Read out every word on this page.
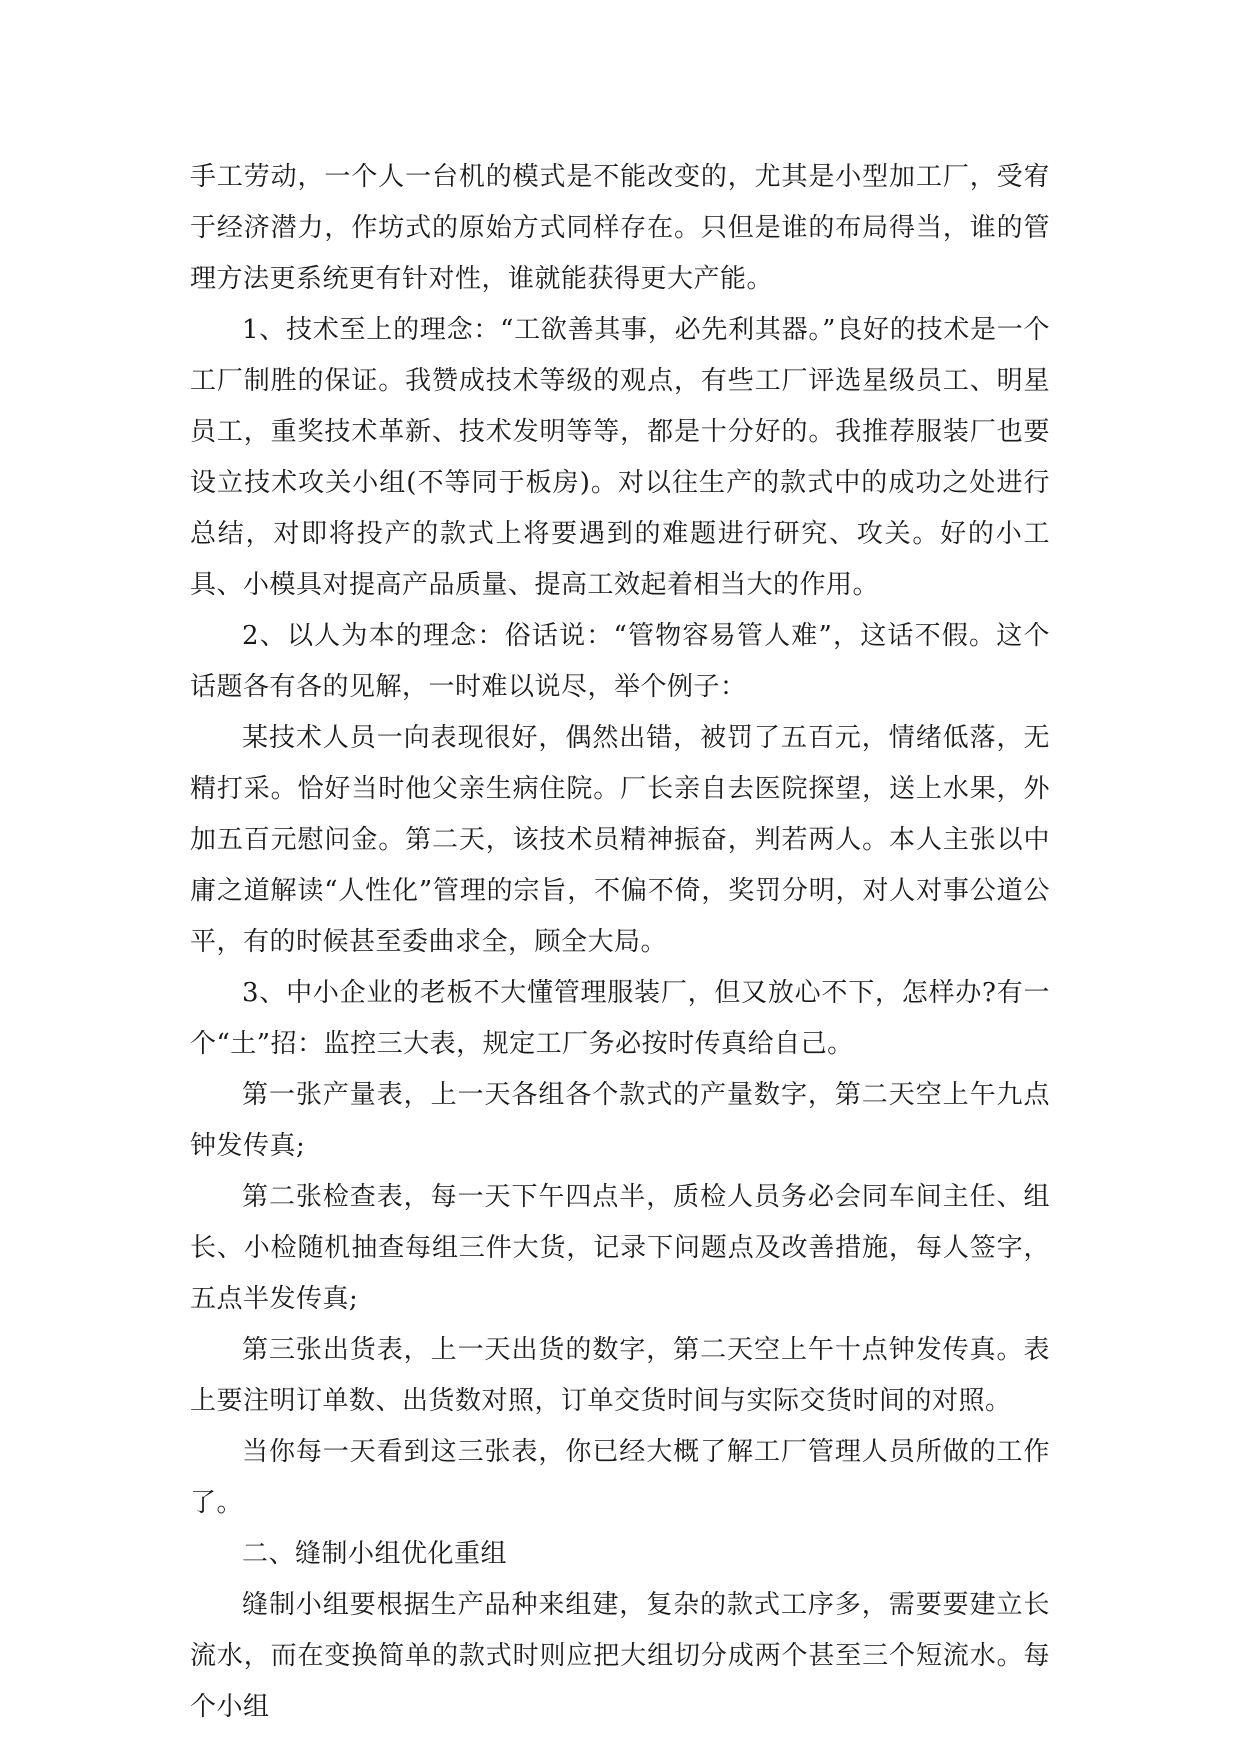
手工劳动，一个人一台机的模式是不能改变的，尤其是小型加工厂，受宥于经济潜力，作坊式的原始方式同样存在。只但是谁的布局得当，谁的管理方法更系统更有针对性，谁就能获得更大产能。

1、技术至上的理念：“工欲善其事，必先利其器。”良好的技术是一个工厂制胜的保证。我赞成技术等级的观点，有些工厂评选星级员工、明星员工，重奖技术革新、技术发明等等，都是十分好的。我推荐服装厂也要设立技术攻关小组(不等同于板房)。对以往生产的款式中的成功之处进行总结，对即将投产的款式上将要遇到的难题进行研究、攻关。好的小工具、小模具对提高产品质量、提高工效起着相当大的作用。

2、以人为本的理念：俗话说：“管物容易管人难”，这话不假。这个话题各有各的见解，一时难以说尽，举个例子：

某技术人员一向表现很好，偶然出错，被罚了五百元，情绪低落，无精打采。恰好当时他父亲生病住院。厂长亲自去医院探望，送上水果，外加五百元慰问金。第二天，该技术员精神振奋，判若两人。本人主张以中庸之道解读“人性化”管理的宗旨，不偏不倚，奖罚分明，对人对事公道公平，有的时候甚至委曲求全，顾全大局。

3、中小企业的老板不大懂管理服装厂，但又放心不下，怎样办?有一个“土”招：监控三大表，规定工厂务必按时传真给自己。

第一张产量表，上一天各组各个款式的产量数字，第二天空上午九点钟发传真;

第二张检查表，每一天下午四点半，质检人员务必会同车间主任、组长、小检随机抽查每组三件大货，记录下问题点及改善措施，每人签字，五点半发传真;

第三张出货表，上一天出货的数字，第二天空上午十点钟发传真。表上要注明订单数、出货数对照，订单交货时间与实际交货时间的对照。

当你每一天看到这三张表，你已经大概了解工厂管理人员所做的工作了。

二、缝制小组优化重组

缝制小组要根据生产品种来组建，复杂的款式工序多，需要要建立长流水，而在变换简单的款式时则应把大组切分成两个甚至三个短流水。每个小组
